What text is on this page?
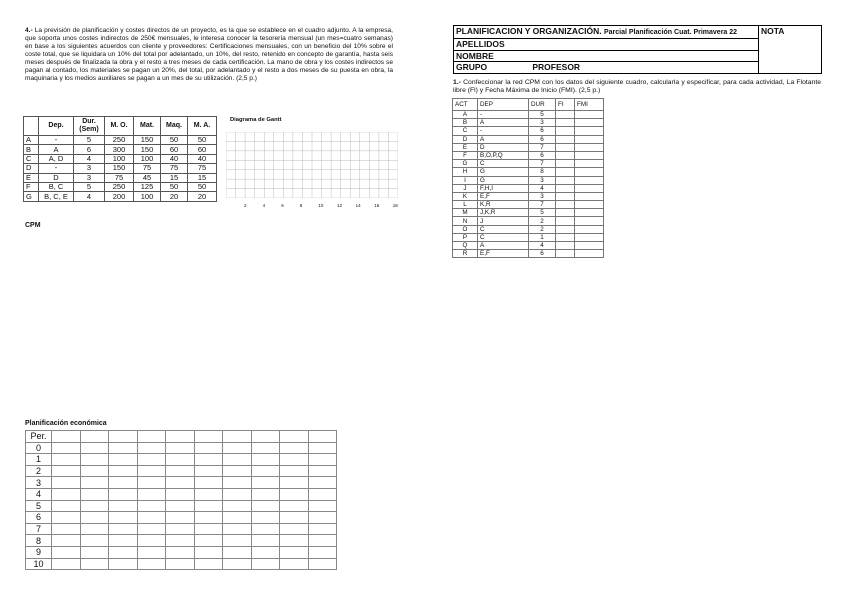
4.- La previsión de planificación y costes directos de un proyecto, es la que se establece en el cuadro adjunto. A la empresa, que soporta unos costes indirectos de 250€ mensuales, le interesa conocer la tesorería mensual (un mes=cuatro semanas) en base a los siguientes acuerdos con cliente y proveedores: Certificaciones mensuales, con un beneficio del 10% sobre el coste total, que se liquidara un 10% del total por adelantado, un 10%, del resto, retenido en concepto de garantía, hasta seis meses después de finalizada la obra y el resto a tres meses de cada certificación. La mano de obra y los costes indirectos se pagan al contado, los materiales se pagan un 20%, del total, por adelantado y el resto a dos meses de su puesta en obra, la maquinaria y los medios auxiliares se pagan a un mes de su utilización. (2,5 p.)
	Dep.	Dur. (Sem)	M. O.	Mat.	Maq.	M. A.
A	-	5	250	150	50	50
B	A	6	300	150	60	60
C	A, D	4	100	100	40	40
D	-	3	150	75	75	75
E	D	3	75	45	15	15
F	B, C	5	250	125	50	50
G	B, C, E	4	200	100	20	20
Diagrama de Gantt
2	4	6	8	10	12	14	16	18
CPM
Planificación económica
Per.										
0										
1										
2										
3										
4										
5										
6										
7										
8										
9										
10										
PLANIFICACION Y ORGANIZACIÓN. Parcial Planificación Cuat. Primavera 22	NOTA
APELLIDOS
NOMBRE
GRUPO	PROFESOR
1.- Confeccionar la red CPM con los datos del siguiente cuadro, calcularla y especificar, para cada actividad, La Flotante libre (Fl) y Fecha Máxima de Inicio (FMI). (2,5 p.)
ACT	DEP	DUR	FI	FMI
A	-	5		
B	A	3		
C	-	6		
D	A	6		
E	D	7		
F	B,O,P,Q	6		
G	C	7		
H	G	8		
I	G	3		
J	F,H,I	4		
K	E,F	3		
L	K,R	7		
M	J,K,R	5		
N	J	2		
O	C	2		
P	C	1		
Q	A	4		
R	E,F	6		
